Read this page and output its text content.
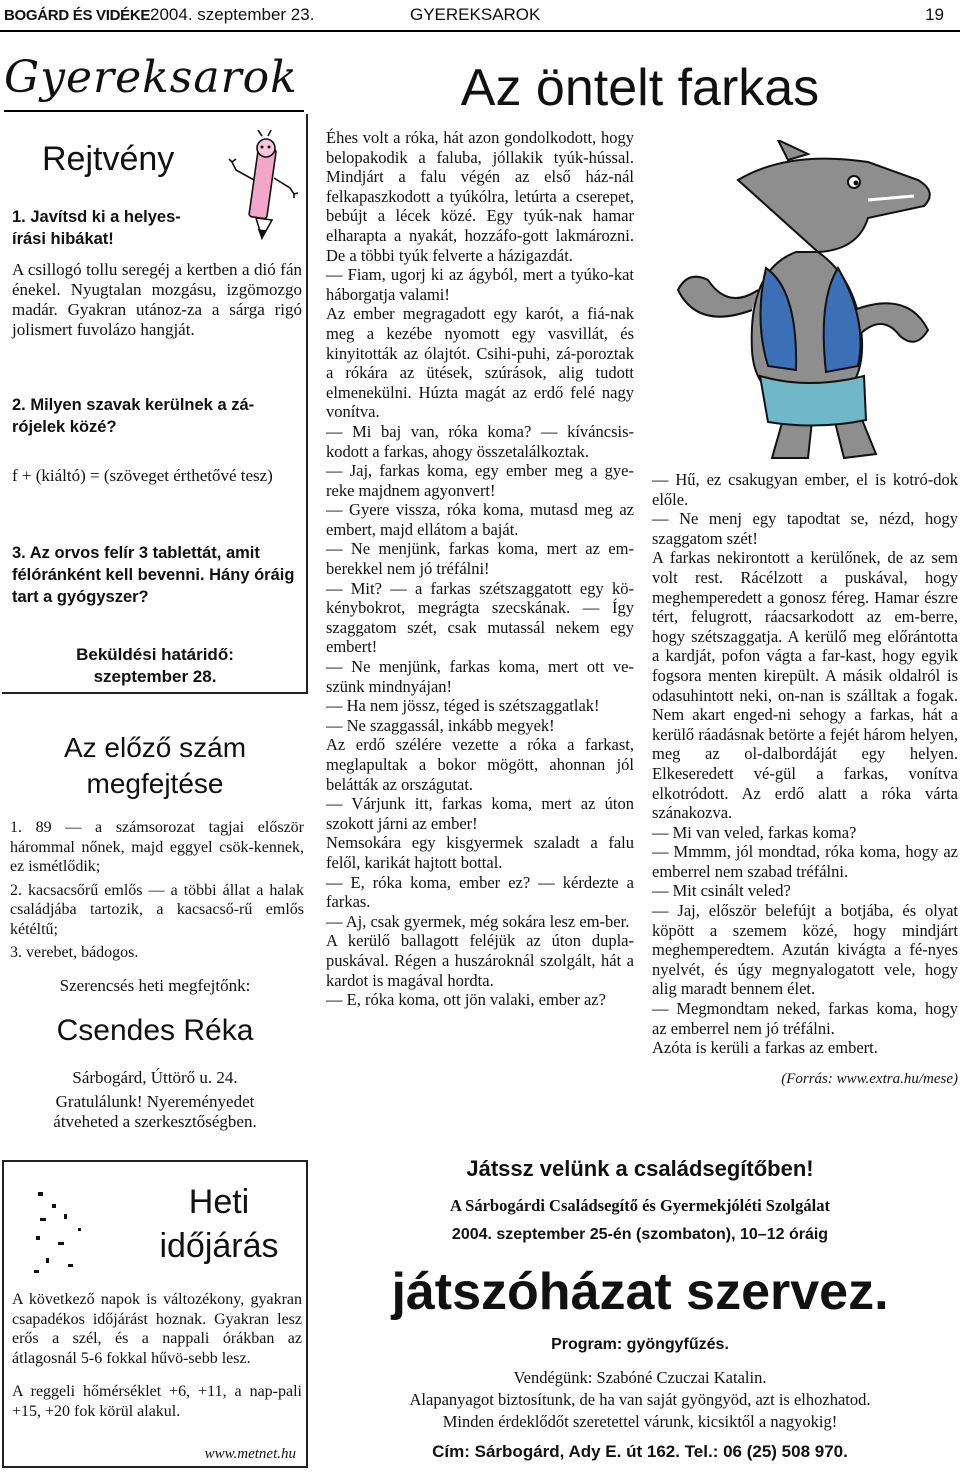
BOGÁRD ÉS VIDÉKE 2004. szeptember 23.	GYEREKSAROK	19
Gyereksarok
Rejtvény
1. Javítsd ki a helyes-írási hibákat!
A csillogó tollu seregéj a kertben a dió fán énekel. Nyugtalan mozgásu, izgömozgo madár. Gyakran utánoz-za a sárga rigó jolismert fuvolázo hangját.
2. Milyen szavak kerülnek a zá-rójelek közé?
f + (kiáltó) = (szöveget érthetővé tesz)
3. Az orvos felír 3 tablettát, amit félóránként kell bevenni. Hány óráig tart a gyógyszer?
Beküldési határidő:
szeptember 28.
Az előző szám megfejtése
1. 89 — a számsorozat tagjai először hárommal nőnek, majd eggyel csök-kennek, ez ismétlődik;
2. kacsacsőrű emlős — a többi állat a halak családjába tartozik, a kacsacső-rű emlős kétéltű;
3. verebet, bádogos.
Szerencsés heti megfejtőnk:
Csendes Réka
Sárbogárd, Úttörő u. 24.
Gratulálunk! Nyereményedet átveheted a szerkesztőségben.
Heti
időjárás
A következő napok is változékony, gyakran csapadékos időjárást hoznak. Gyakran lesz erős a szél, és a nappali órákban az átlagosnál 5-6 fokkal hűvö-sebb lesz.
A reggeli hőmérséklet +6, +11, a nap-pali +15, +20 fok körül alakul.
www.metnet.hu
Az öntelt farkas

Éhes volt a róka, hát azon gondolkodott, hogy belopakodik a faluba, jóllakik tyúk-hússal. Mindjárt a falu végén az első ház-nál felkapaszkodott a tyúkólra, letúrta a cserepet, bebújt a lécek közé. Egy tyúk-nak hamar elharapta a nyakát, hozzáfo-gott lakmározni. De a többi tyúk felverte a házigazdát.

— Fiam, ugorj ki az ágyból, mert a tyúko-kat háborgatja valami!

Az ember megragadott egy karót, a fiá-nak meg a kezébe nyomott egy vasvillát, és kinyitották az ólajtót. Csihi-puhi, zá-poroztak a rókára az ütések, szúrások, alig tudott elmenekülni. Húzta magát az erdő felé nagy vonítva.

— Mi baj van, róka koma? — kíváncsis-kodott a farkas, ahogy összetalálkoztak.

— Jaj, farkas koma, egy ember meg a gye-reke majdnem agyonvert!

— Gyere vissza, róka koma, mutasd meg az embert, majd ellátom a baját.

— Ne menjünk, farkas koma, mert az em-berekkel nem jó tréfálni!

— Mit? — a farkas szétszaggatott egy kö-kénybokrot, megrágta szecskának. — Így szaggatom szét, csak mutassál nekem egy embert!

— Ne menjünk, farkas koma, mert ott ve-szünk mindnyájan!

— Ha nem jössz, téged is szétszaggatlak!

— Ne szaggassál, inkább megyek!

Az erdő szélére vezette a róka a farkast, meglapultak a bokor mögött, ahonnan jól belátták az országutat.

— Várjunk itt, farkas koma, mert az úton szokott járni az ember!

Nemsokára egy kisgyermek szaladt a falu felől, karikát hajtott bottal.

— E, róka koma, ember ez? — kérdezte a farkas.

— Aj, csak gyermek, még sokára lesz em-ber.

A kerülő ballagott feléjük az úton dupla-puskával. Régen a huszároknál szolgált, hát a kardot is magával hordta.

— E, róka koma, ott jön valaki, ember az?

— Hű, ez csakugyan ember, el is kotró-dok előle.

— Ne menj egy tapodtat se, nézd, hogy szaggatom szét!

A farkas nekirontott a kerülőnek, de az sem volt rest. Rácélzott a puskával, hogy meghemperedett a gonosz féreg. Hamar észre tért, felugrott, ráacsarkodott az em-berre, hogy szétszaggatja. A kerülő meg előrántotta a kardját, pofon vágta a far-kast, hogy egyik fogsora menten kirepült. A másik oldalról is odasuhintott neki, on-nan is szálltak a fogak. Nem akart enged-ni sehogy a farkas, hát a kerülő ráadásnak betörte a fejét három helyen, meg az ol-dalbordáját egy helyen. Elkeseredett vé-gül a farkas, vonítva elkotródott. Az erdő alatt a róka várta szánakozva.

— Mi van veled, farkas koma?

— Mmmm, jól mondtad, róka koma, hogy az emberrel nem szabad tréfálni.

— Mit csinált veled?

— Jaj, először belefújt a botjába, és olyat köpött a szemem közé, hogy mindjárt meghemperedtem. Azután kivágta a fé-nyes nyelvét, és úgy megnyalogatott vele, hogy alig maradt bennem élet.

— Megmondtam neked, farkas koma, hogy az emberrel nem jó tréfálni.

Azóta is kerüli a farkas az embert.

(Forrás: www.extra.hu/mese)

Játssz velünk a családsegítőben!
A Sárbogárdi Családsegítő és Gyermekjóléti Szolgálat
2004. szeptember 25-én (szombaton), 10–12 óráig
játszóházat szervez.
Program: gyöngyfűzés.
Vendégünk: Szabóné Czuczai Katalin.
Alapanyagot biztosítunk, de ha van saját gyöngyöd, azt is elhozhatod.
Minden érdeklődőt szeretettel várunk, kicsiktől a nagyokig!
Cím: Sárbogárd, Ady E. út 162. Tel.: 06 (25) 508 970.
